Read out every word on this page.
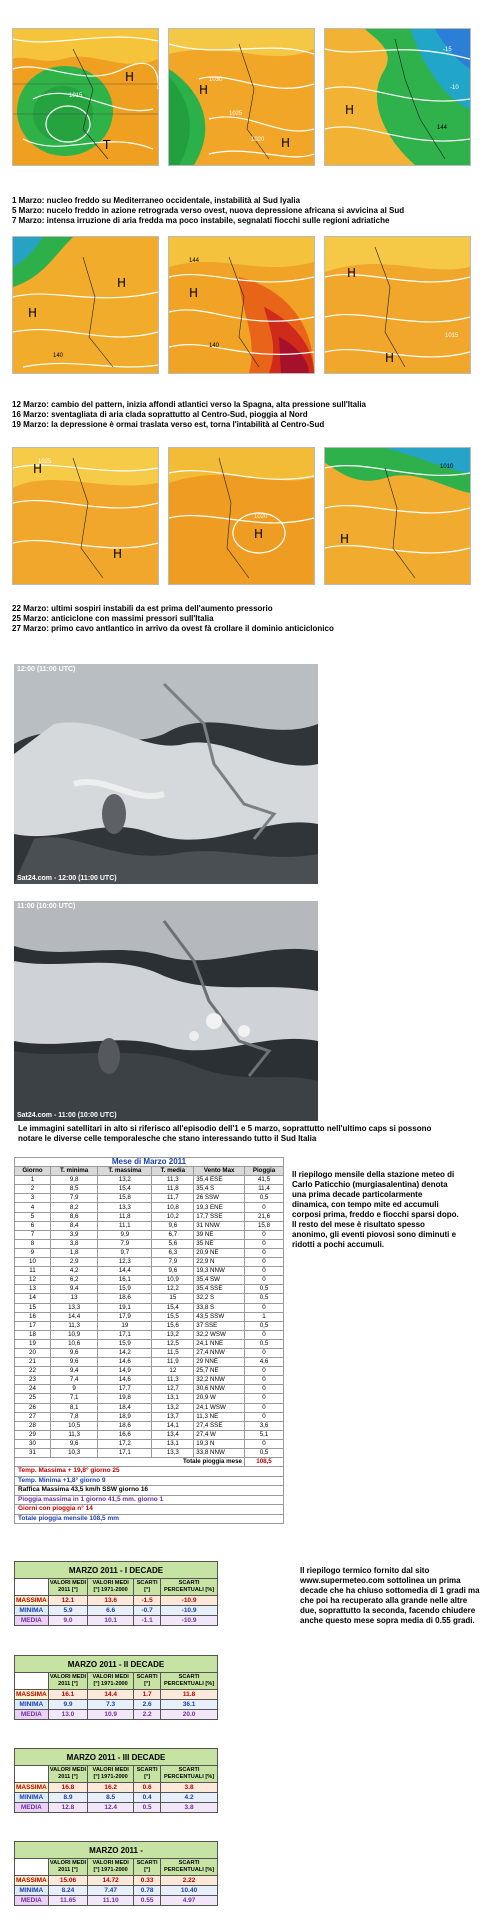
H
T
1015	H
H
1030
1025
1020
H
-15
-10
144
1 Marzo: nucleo freddo su Mediterraneo occidentale, instabilità al Sud Iyalia
5 Marzo: nucelo freddo in azione retrograda verso ovest, nuova depressione africana si avvicina al Sud
7 Marzo: intensa irruzione di aria fredda ma poco instabile, segnalati fiocchi sulle regioni adriatiche
H
H
140
H
140
144
H
H
1015
12 Marzo: cambio del pattern, inizia affondi atlantici verso la Spagna, alta pressione sull'Italia
16 Marzo: sventagliata di aria clada soprattutto al Centro-Sud, pioggia al Nord
19 Marzo: la depressione è ormai traslata verso est, torna l'intabilità al Centro-Sud
H
H
1025
H
1020
H
1010
22 Marzo: ultimi sospiri instabili da est prima dell'aumento pressorio
25 Marzo: anticiclone con massimi pressori sull'Italia
27 Marzo: primo cavo antlantico in arrivo da ovest fà crollare il dominio anticiclonico
12:00 (11:00 UTC)
Sat24.com - 12:00 (11:00 UTC)
11:00 (10:00 UTC)
Sat24.com - 11:00 (10:00 UTC)
Le immagini satellitari in alto si riferisco all'episodio dell'1 e 5 marzo, soprattutto nell'ultimo caps si possono notare le diverse celle temporalesche che stano interessando tutto il Sud Italia
Mese di Marzo 2011					
Giorno	T. minima	T. massima	T. media	Vento Max	Pioggia
1	9,8	13,2	11,3	35,4 ESE	41,5
2	8,5	15,4	11,8	35,4 S	11,4
3	7,9	15,8	11,7	26 SSW	0,5
4	8,2	13,3	10,8	19,3 ENE	0
5	8,6	11,8	10,2	17,7 SSE	21,6
6	8,4	11,1	9,6	31 NNW	15,8
7	3,9	9,9	6,7	39 NE	0
8	3,8	7,9	5,6	35 NE	0
9	1,8	9,7	6,3	20,9 NE	0
10	2,9	12,3	7,9	22,9 N	0
11	4,2	14,4	9,6	19,3 NNW	0
12	6,2	16,1	10,9	35,4 SW	0
13	9,4	15,9	12,2	35,4 SSE	0,5
14	13	18,6	15	32,2 S	0,5
15	13,3	19,1	15,4	33,8 S	0
16	14,4	17,9	15,5	43,5 SSW	1
17	11,3	19	15,6	37 SSE	0,5
18	10,9	17,1	13,2	32,2 WSW	0
19	10,6	15,9	12,5	24,1 NNE	0,5
20	9,6	14,2	11,5	27,4 NNW	0
21	9,6	14,6	11,9	29 NNE	4,6
22	9,4	14,9	12	25,7 NE	0
23	7,4	14,6	11,3	32,2 NNW	0
24	9	17,7	12,7	30,6 NNW	0
25	7,1	19,8	13,1	20,9 W	0
26	8,1	18,4	13,2	24,1 WSW	0
27	7,8	18,9	13,7	11,3 NE	0
28	10,5	18,6	14,1	27,4 SSE	3,6
29	11,3	16,6	13,4	27,4 W	5,1
30	9,6	17,2	13,1	19,3 N	0
31	10,3	17,1	13,3	33,8 NNW	0,5
Totale pioggia mese					108,5
Temp. Massima + 19,8° giorno 25
Temp. Minima +1,8° giorno 9
Raffica Massima 43,5 km/h SSW giorno 16
Pioggia massima in 1 giorno 41,5 mm. giorno 1
Giorni con pioggia n° 14
Totale pioggia mensile 108,5 mm
Il riepilogo mensile della stazione meteo di Carlo Paticchio (murgiasalentina) denota una prima decade particolarmente dinamica, con tempo mite ed accumuli corposi prima, freddo e fiocchi sparsi dopo. Il resto del mese è risultato spesso anonimo, gli eventi piovosi sono diminuti e ridotti a pochi accumuli.
MARZO 2011 - I DECADE				
	VALORI MEDI 2011 [°]	VALORI MEDI [°] 1971-2000	SCARTI [°]	SCARTI PERCENTUALI [%]
MASSIMA	12.1	13.6	-1.5	-10.9
MINIMA	5.9	6.6	-0.7	-10.9
MEDIA	9.0	10.1	-1.1	-10.9
MARZO 2011 - II DECADE				
	VALORI MEDI 2011 [°]	VALORI MEDI [°] 1971-2000	SCARTI [°]	SCARTI PERCENTUALI [%]
MASSIMA	16.1	14.4	1.7	11.8
MINIMA	9.9	7.3	2.6	36.1
MEDIA	13.0	10.9	2.2	20.0
MARZO 2011 - III DECADE				
	VALORI MEDI 2011 [°]	VALORI MEDI [°] 1971-2000	SCARTI [°]	SCARTI PERCENTUALI [%]
MASSIMA	16.8	16.2	0.6	3.8
MINIMA	8.9	8.5	0.4	4.2
MEDIA	12.8	12.4	0.5	3.8
MARZO 2011 -				
	VALORI MEDI 2011 [°]	VALORI MEDI [°] 1971-2000	SCARTI [°]	SCARTI PERCENTUALI [%]
MASSIMA	15.06	14.72	0.33	2.22
MINIMA	8.24	7.47	0.78	10.40
MEDIA	11.65	11.10	0.55	4.97
Il riepilogo termico fornito dal sito www.supermeteo.com sottolinea un prima decade che ha chiuso sottomedia di 1 gradi ma che poi ha recuperato alla grande nelle altre due, soprattutto la seconda, facendo chiudere anche questo mese sopra media di 0.55 gradi.
